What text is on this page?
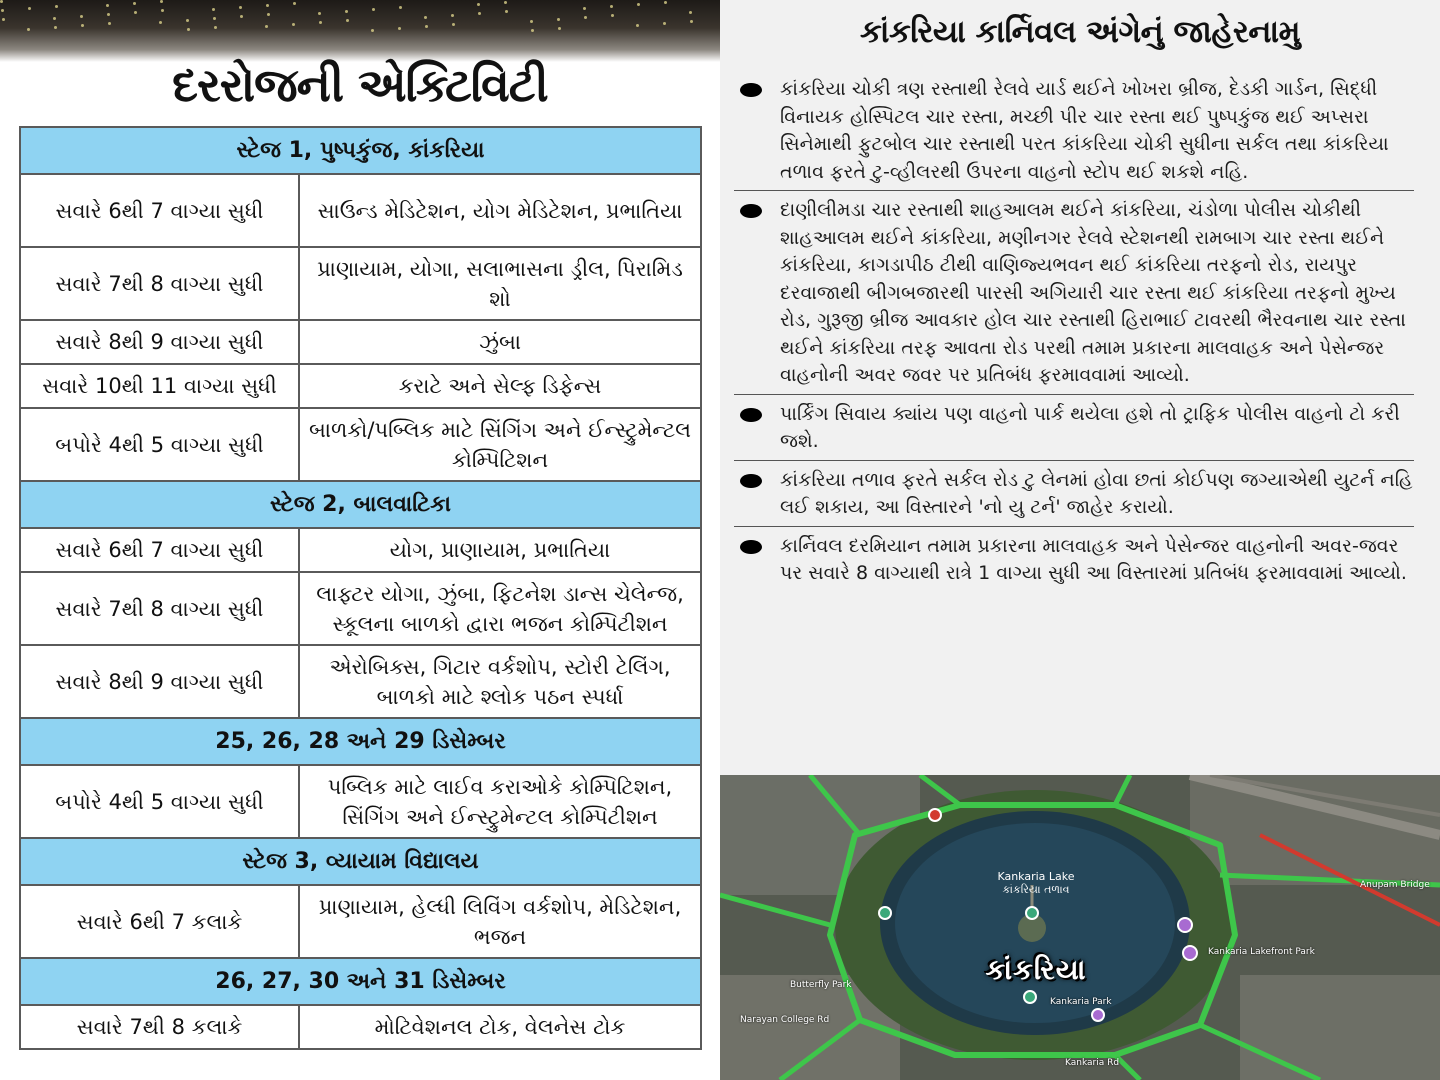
દરરોજની એક્ટિવિટી
સ્ટેજ 1, પુષ્પકુંજ, કાંકરિયા	
સવારે 6થી 7 વાગ્યા સુધી	સાઉન્ડ મેડિટેશન, યોગ મેડિટેશન, પ્રભાતિયા
સવારે 7થી 8 વાગ્યા સુધી	પ્રાણાયામ, યોગા, સલાભાસના ડ્રીલ, પિરામિડ શો
સવારે 8થી 9 વાગ્યા સુધી	ઝુંબા
સવારે 10થી 11 વાગ્યા સુધી	કરાટે અને સેલ્ફ ડિફેન્સ
બપોરે 4થી 5 વાગ્યા સુધી	બાળકો/પબ્લિક માટે સિંગિંગ અને ઈન્સ્ટ્રુમેન્ટલ કોમ્પિટિશન
સ્ટેજ 2, બાલવાટિકા	
સવારે 6થી 7 વાગ્યા સુધી	યોગ, પ્રાણાયામ, પ્રભાતિયા
સવારે 7થી 8 વાગ્યા સુધી	લાફ્ટર યોગા, ઝુંબા, ફિટનેશ ડાન્સ ચેલેન્જ, સ્કૂલના બાળકો દ્વારા ભજન કોમ્પિટીશન
સવારે 8થી 9 વાગ્યા સુધી	એરોબિક્સ, ગિટાર વર્કશોપ, સ્ટોરી ટેલિંગ, બાળકો માટે શ્લોક પઠન સ્પર્ધા
25, 26, 28 અને 29 ડિસેમ્બર	
બપોરે 4થી 5 વાગ્યા સુધી	પબ્લિક માટે લાઈવ કરાઓકે કોમ્પિટિશન, સિંગિંગ અને ઈન્સ્ટ્રુમેન્ટલ કોમ્પિટીશન
સ્ટેજ 3, વ્યાયામ વિદ્યાલય	
સવારે 6થી 7 કલાકે	પ્રાણાયામ, હેલ્ધી લિવિંગ વર્કશોપ, મેડિટેશન, ભજન
26, 27, 30 અને 31 ડિસેમ્બર	
સવારે 7થી 8 કલાકે	મોટિવેશનલ ટોક, વેલનેસ ટોક
કાંકરિયા કાર્નિવલ અંગેનું જાહેરનામુ
કાંકરિયા ચોકી ત્રણ રસ્તાથી રેલવે યાર્ડ થઈને ખોખરા બ્રીજ, દેડકી ગાર્ડન, સિદ્ધી વિનાયક હોસ્પિટલ ચાર રસ્તા, મચ્છી પીર ચાર રસ્તા થઈ પુષ્પકુંજ થઈ અપ્સરા સિનેમાથી ફુટબોલ ચાર રસ્તાથી પરત કાંકરિયા ચોકી સુધીના સર્કલ તથા કાંકરિયા તળાવ ફરતે ટુ-વ્હીલરથી ઉપરના વાહનો સ્ટોપ થઈ શકશે નહિ.
દાણીલીમડા ચાર રસ્તાથી શાહઆલમ થઈને કાંકરિયા, ચંડોળા પોલીસ ચોકીથી શાહઆલમ થઈને કાંકરિયા, મણીનગર રેલવે સ્ટેશનથી રામબાગ ચાર રસ્તા થઈને કાંકરિયા, કાગડાપીઠ ટીથી વાણિજ્યભવન થઈ કાંકરિયા તરફનો રોડ, રાયપુર દરવાજાથી બીગબજારથી પારસી અગિયારી ચાર રસ્તા થઈ કાંકરિયા તરફનો મુખ્ય રોડ, ગુરૂજી બ્રીજ આવકાર હોલ ચાર રસ્તાથી હિરાભાઈ ટાવરથી ભૈરવનાથ ચાર રસ્તા થઈને કાંકરિયા તરફ આવતા રોડ પરથી તમામ પ્રકારના માલવાહક અને પેસેન્જર વાહનોની અવર જવર પર પ્રતિબંધ ફરમાવવામાં આવ્યો.
પાર્કિંગ સિવાય ક્યાંય પણ વાહનો પાર્ક થયેલા હશે તો ટ્રાફિક પોલીસ વાહનો ટો કરી જશે.
કાંકરિયા તળાવ ફરતે સર્કલ રોડ ટુ લેનમાં હોવા છતાં કોઈપણ જગ્યાએથી યુટર્ન નહિ લઈ શકાય, આ વિસ્તારને 'નો યુ ટર્ન' જાહેર કરાયો.
કાર્નિવલ દરમિયાન તમામ પ્રકારના માલવાહક અને પેસેન્જર વાહનોની અવર-જવર પર સવારે 8 વાગ્યાથી રાત્રે 1 વાગ્યા સુધી આ વિસ્તારમાં પ્રતિબંધ ફરમાવવામાં આવ્યો.
Kankaria Lake
કાંકરિયા તળાવ
કાંકરિયા
Kankaria Park
Kankaria Rd
Anupam Bridge
Butterfly Park
Narayan College Rd
Kankaria Lakefront Park
